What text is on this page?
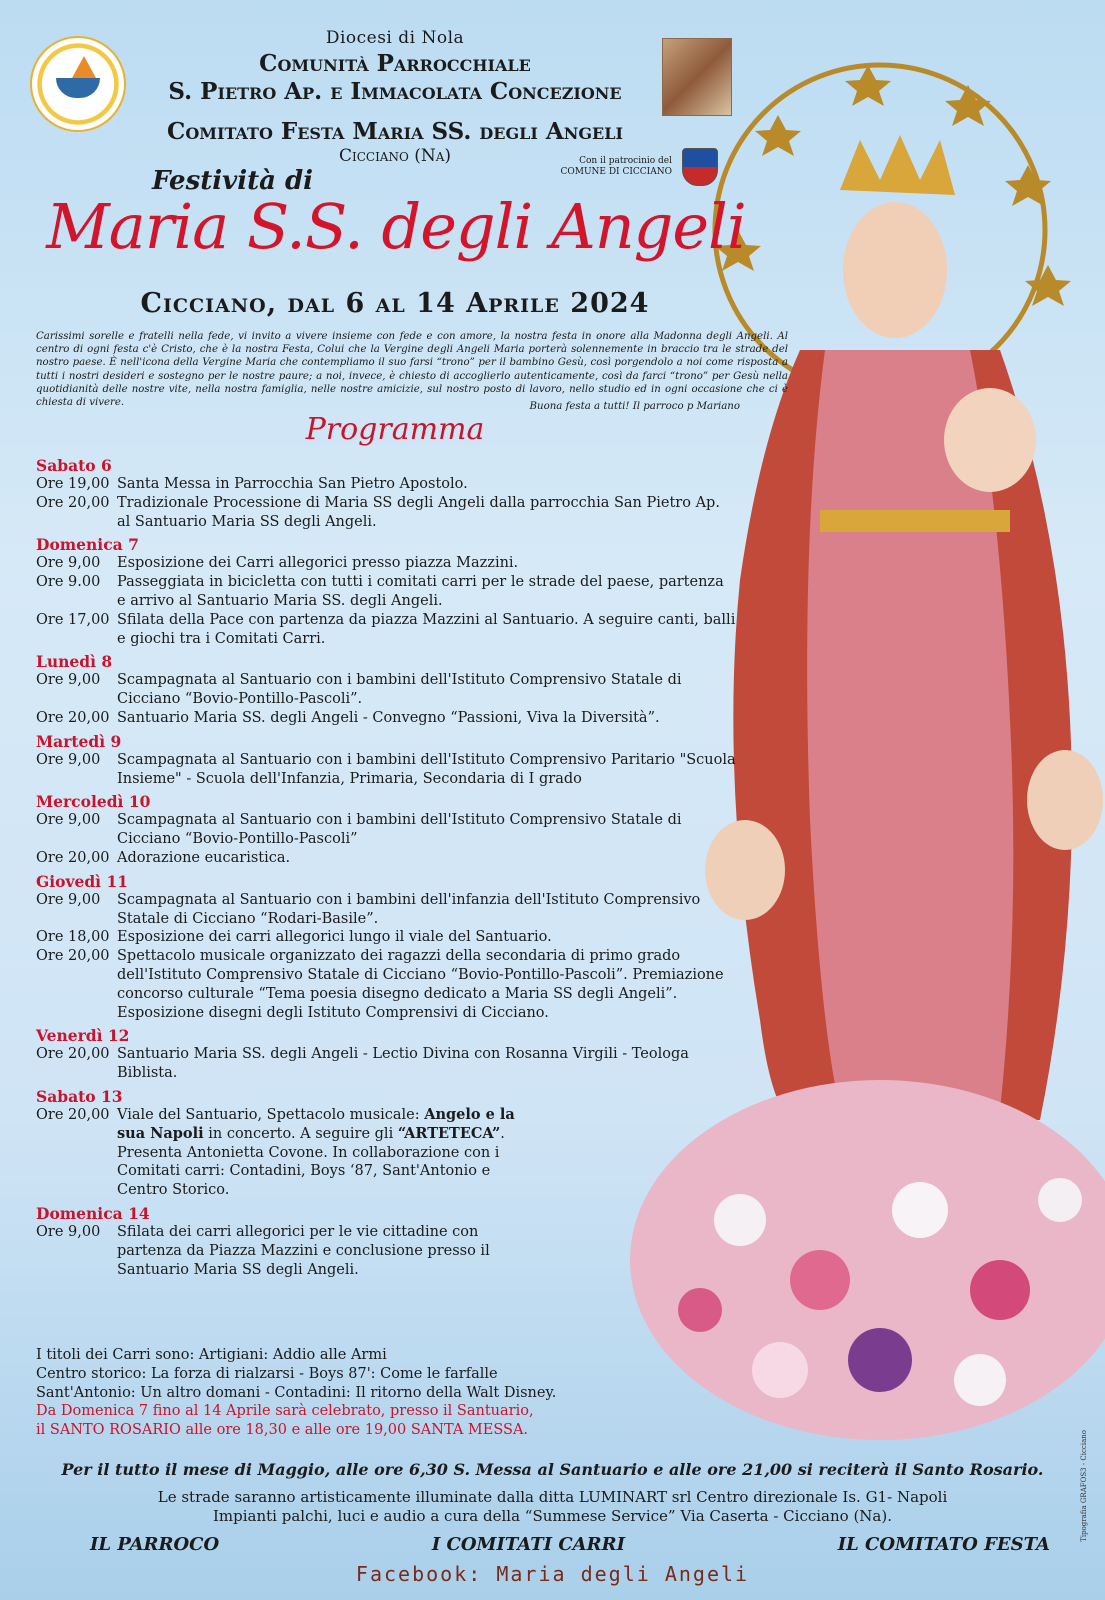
Diocesi di Nola
Comunità Parrocchiale
S. Pietro Ap. e Immacolata Concezione
Comitato Festa Maria SS. degli Angeli
Cicciano (Na)	Con il patrocinio del
COMUNE DI CICCIANO
Festività di
Maria S.S. degli Angeli
Cicciano, dal 6 al 14 Aprile 2024
Carissimi sorelle e fratelli nella fede, vi invito a vivere insieme con fede e con amore, la nostra festa in onore alla Madonna degli Angeli. Al centro di ogni festa c'è Cristo, che è la nostra Festa, Colui che la Vergine degli Angeli Maria porterà solennemente in braccio tra le strade del nostro paese. È nell'icona della Vergine Maria che contempliamo il suo farsi “trono” per il bambino Gesù, così porgendolo a noi come risposta a tutti i nostri desideri e sostegno per le nostre paure; a noi, invece, è chiesto di accoglierlo autenticamente, così da farci “trono” per Gesù nella quotidianità delle nostre vite, nella nostra famiglia, nelle nostre amicizie, sul nostro posto di lavoro, nello studio ed in ogni occasione che ci è chiesta di vivere.	Buona festa a tutti! Il parroco p Mariano
Programma
Sabato 6
Ore 19,00 Santa Messa in Parrocchia San Pietro Apostolo.
Ore 20,00 Tradizionale Processione di Maria SS degli Angeli dalla parrocchia San Pietro Ap. al Santuario Maria SS degli Angeli.
Domenica 7
Ore 9,00	Esposizione dei Carri allegorici presso piazza Mazzini.
Ore 9.00	Passeggiata in bicicletta con tutti i comitati carri per le strade del paese, partenza e arrivo al Santuario Maria SS. degli Angeli.
Ore 17,00 Sfilata della Pace con partenza da piazza Mazzini al Santuario. A seguire canti, balli e giochi tra i Comitati Carri.
Lunedì 8
Ore 9,00	Scampagnata al Santuario con i bambini dell'Istituto Comprensivo Statale di Cicciano “Bovio-Pontillo-Pascoli”.
Ore 20,00 Santuario Maria SS. degli Angeli - Convegno “Passioni, Viva la Diversità”.
Martedì 9
Ore 9,00	Scampagnata al Santuario con i bambini dell'Istituto Comprensivo Paritario "Scuola Insieme" - Scuola dell'Infanzia, Primaria, Secondaria di I grado
Mercoledì 10
Ore 9,00	Scampagnata al Santuario con i bambini dell'Istituto Comprensivo Statale di Cicciano “Bovio-Pontillo-Pascoli”
Ore 20,00 Adorazione eucaristica.
Giovedì 11
Ore 9,00	Scampagnata al Santuario con i bambini dell'infanzia dell'Istituto Comprensivo Statale di Cicciano “Rodari-Basile”.
Ore 18,00 Esposizione dei carri allegorici lungo il viale del Santuario.
Ore 20,00 Spettacolo musicale organizzato dei ragazzi della secondaria di primo grado dell'Istituto Comprensivo Statale di Cicciano “Bovio-Pontillo-Pascoli”. Premiazione concorso culturale “Tema poesia disegno dedicato a Maria SS degli Angeli”. Esposizione disegni degli Istituto Comprensivi di Cicciano.
Venerdì 12
Ore 20,00 Santuario Maria SS. degli Angeli - Lectio Divina con Rosanna Virgili - Teologa Biblista.
Sabato 13
Ore 20,00 Viale del Santuario, Spettacolo musicale: Angelo e la sua Napoli in concerto. A seguire gli “ARTETECA”. Presenta Antonietta Covone. In collaborazione con i Comitati carri: Contadini, Boys ‘87, Sant'Antonio e Centro Storico.
Domenica 14
Ore 9,00	Sfilata dei carri allegorici per le vie cittadine con partenza da Piazza Mazzini e conclusione presso il Santuario Maria SS degli Angeli.
I titoli dei Carri sono: Artigiani: Addio alle Armi
Centro storico: La forza di rialzarsi - Boys 87': Come le farfalle
Sant'Antonio: Un altro domani - Contadini: Il ritorno della Walt Disney.
Da Domenica 7 fino al 14 Aprile sarà celebrato, presso il Santuario,
il SANTO ROSARIO alle ore 18,30 e alle ore 19,00 SANTA MESSA.
Per il tutto il mese di Maggio, alle ore 6,30 S. Messa al Santuario e alle ore 21,00 si reciterà il Santo Rosario.
Le strade saranno artisticamente illuminate dalla ditta LUMINART srl Centro direzionale Is. G1- Napoli
Impianti palchi, luci e audio a cura della “Summese Service” Via Caserta - Cicciano (Na).
IL PARROCO	I COMITATI CARRI	IL COMITATO FESTA
Facebook: Maria degli Angeli
Tipografia GRAFOS3 - Cicciano
